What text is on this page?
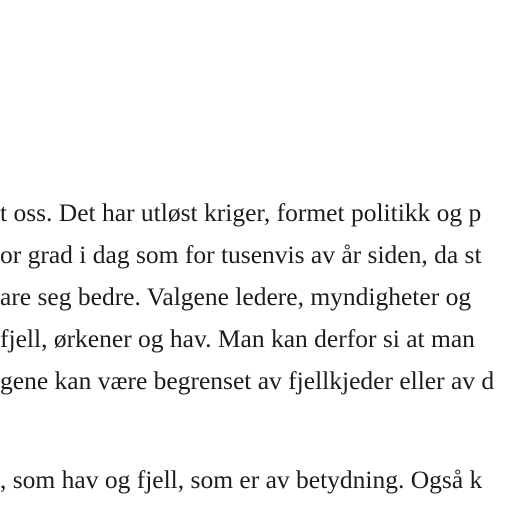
t oss. Det har utløst kriger, formet politikk og p
or grad i dag som for tusenvis av år siden, da st
are seg bedre. Valgene ledere, myndigheter og
fjell, ørkener og hav. Man kan derfor si at man
gene kan være begrenset av fjellkjeder eller av d
, som hav og fjell, som er av betydning. Også k
